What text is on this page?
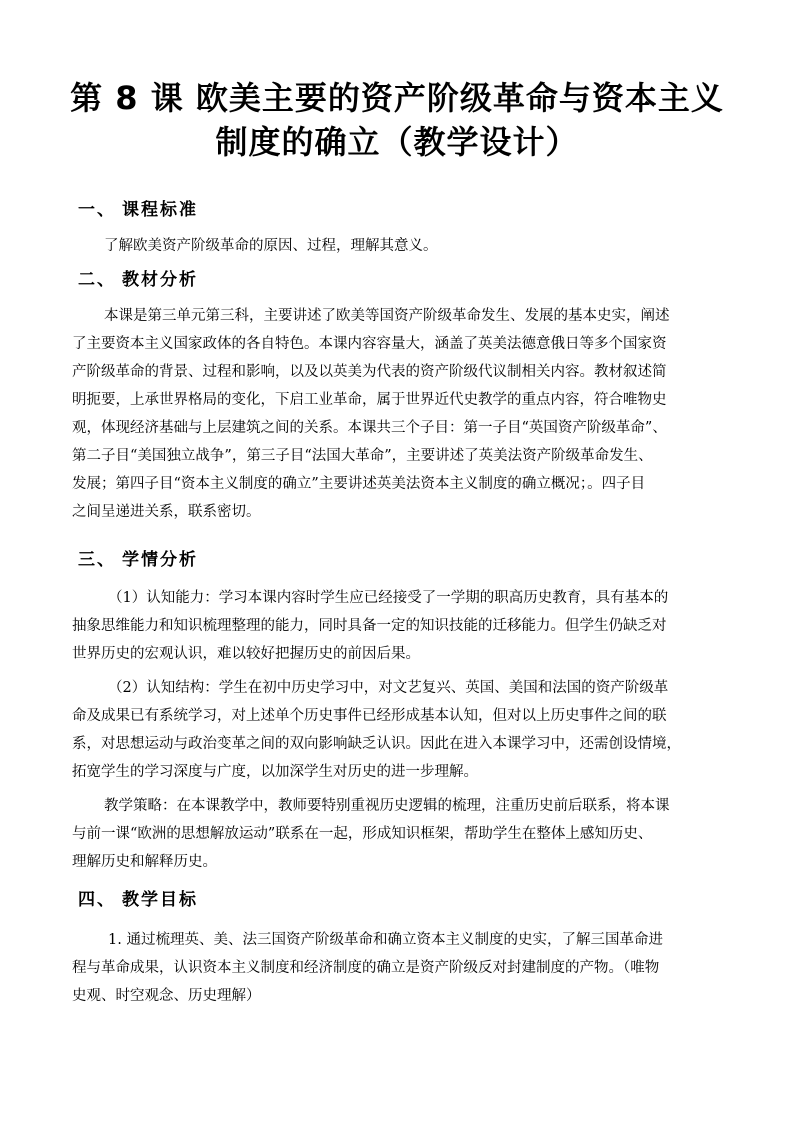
第 8 课 欧美主要的资产阶级革命与资本主义
制度的确立（教学设计）
一、 课程标准
了解欧美资产阶级革命的原因、过程，理解其意义。
二、 教材分析
本课是第三单元第三科，主要讲述了欧美等国资产阶级革命发生、发展的基本史实，阐述
了主要资本主义国家政体的各自特色。本课内容容量大，涵盖了英美法德意俄日等多个国家资
产阶级革命的背景、过程和影响，以及以英美为代表的资产阶级代议制相关内容。教材叙述简
明扼要，上承世界格局的变化，下启工业革命，属于世界近代史教学的重点内容，符合唯物史
观，体现经济基础与上层建筑之间的关系。本课共三个子目：第一子目“英国资产阶级革命”、
第二子目“美国独立战争”，第三子目“法国大革命”，主要讲述了英美法资产阶级革命发生、
发展；第四子目“资本主义制度的确立”主要讲述英美法资本主义制度的确立概况；。四子目
之间呈递进关系，联系密切。
三、 学情分析
（1）认知能力：学习本课内容时学生应已经接受了一学期的职高历史教育，具有基本的
抽象思维能力和知识梳理整理的能力，同时具备一定的知识技能的迁移能力。但学生仍缺乏对
世界历史的宏观认识，难以较好把握历史的前因后果。
（2）认知结构：学生在初中历史学习中，对文艺复兴、英国、美国和法国的资产阶级革
命及成果已有系统学习，对上述单个历史事件已经形成基本认知，但对以上历史事件之间的联
系，对思想运动与政治变革之间的双向影响缺乏认识。因此在进入本课学习中，还需创设情境，
拓宽学生的学习深度与广度，以加深学生对历史的进一步理解。
教学策略：在本课教学中，教师要特别重视历史逻辑的梳理，注重历史前后联系，将本课
与前一课“欧洲的思想解放运动”联系在一起，形成知识框架，帮助学生在整体上感知历史、
理解历史和解释历史。
四、 教学目标
1. 通过梳理英、美、法三国资产阶级革命和确立资本主义制度的史实，了解三国革命进
程与革命成果，认识资本主义制度和经济制度的确立是资产阶级反对封建制度的产物。（唯物
史观、时空观念、历史理解）
